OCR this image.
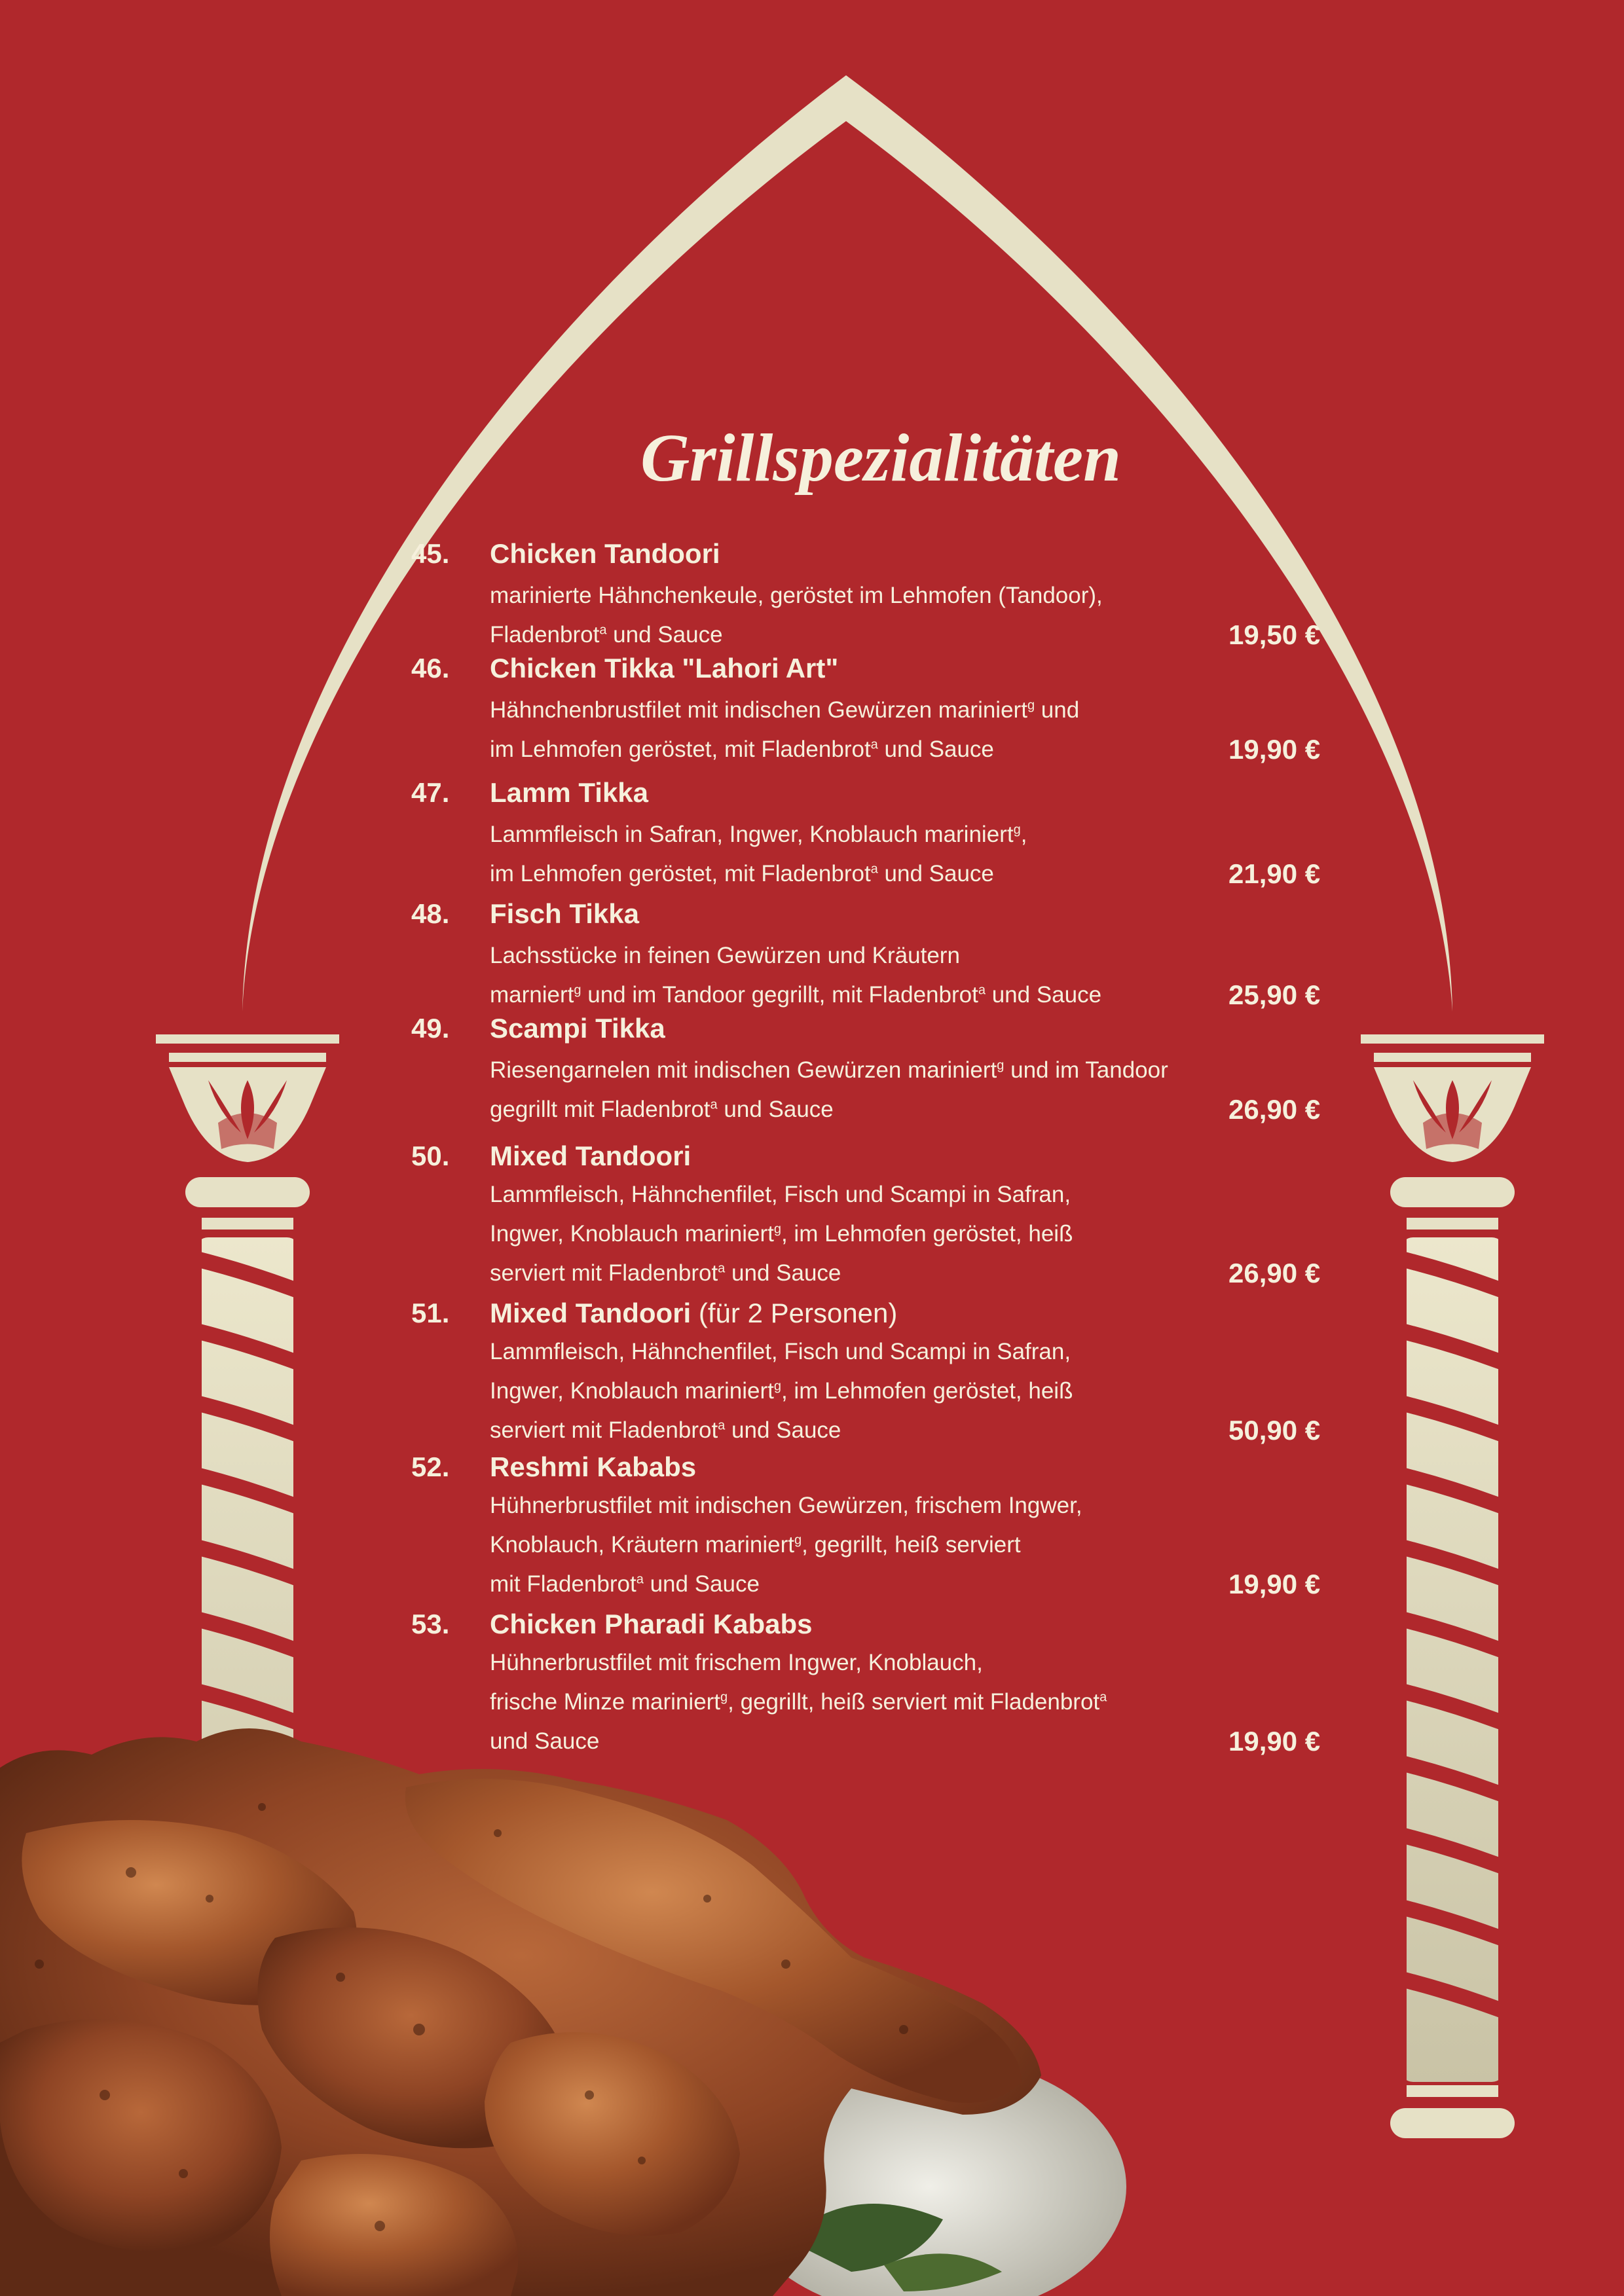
Grillspezialitäten
45. Chicken Tandoori
marinierte Hähnchenkeule, geröstet im Lehmofen (Tandoor),
Fladenbrot$^a$ und Sauce	19,50 €
46. Chicken Tikka "Lahori Art"
Hähnchenbrustfilet mit indischen Gewürzen mariniert$^g$ und
im Lehmofen geröstet, mit Fladenbrot$^a$ und Sauce	19,90 €
47. Lamm Tikka
Lammfleisch in Safran, Ingwer, Knoblauch mariniert$^g$,
im Lehmofen geröstet, mit Fladenbrot$^a$ und Sauce	21,90 €
48. Fisch Tikka
Lachsstücke in feinen Gewürzen und Kräutern
marniert$^g$ und im Tandoor gegrillt, mit Fladenbrot$^a$ und Sauce	25,90 €
49. Scampi Tikka
Riesengarnelen mit indischen Gewürzen mariniert$^g$ und im Tandoor
gegrillt mit Fladenbrot$^a$ und Sauce	26,90 €
50. Mixed Tandoori
Lammfleisch, Hähnchenfilet, Fisch und Scampi in Safran,
Ingwer, Knoblauch mariniert$^g$, im Lehmofen geröstet, heiß
serviert mit Fladenbrot$^a$ und Sauce	26,90 €
51. Mixed Tandoori (für 2 Personen)
Lammfleisch, Hähnchenfilet, Fisch und Scampi in Safran,
Ingwer, Knoblauch mariniert$^g$, im Lehmofen geröstet, heiß
serviert mit Fladenbrot$^a$ und Sauce	50,90 €
52. Reshmi Kababs
Hühnerbrustfilet mit indischen Gewürzen, frischem Ingwer,
Knoblauch, Kräutern mariniert$^g$, gegrillt, heiß serviert
mit Fladenbrot$^a$ und Sauce	19,90 €
53. Chicken Pharadi Kababs
Hühnerbrustfilet mit frischem Ingwer, Knoblauch,
frische Minze mariniert$^g$, gegrillt, heiß serviert mit Fladenbrot$^a$
und Sauce	19,90 €
